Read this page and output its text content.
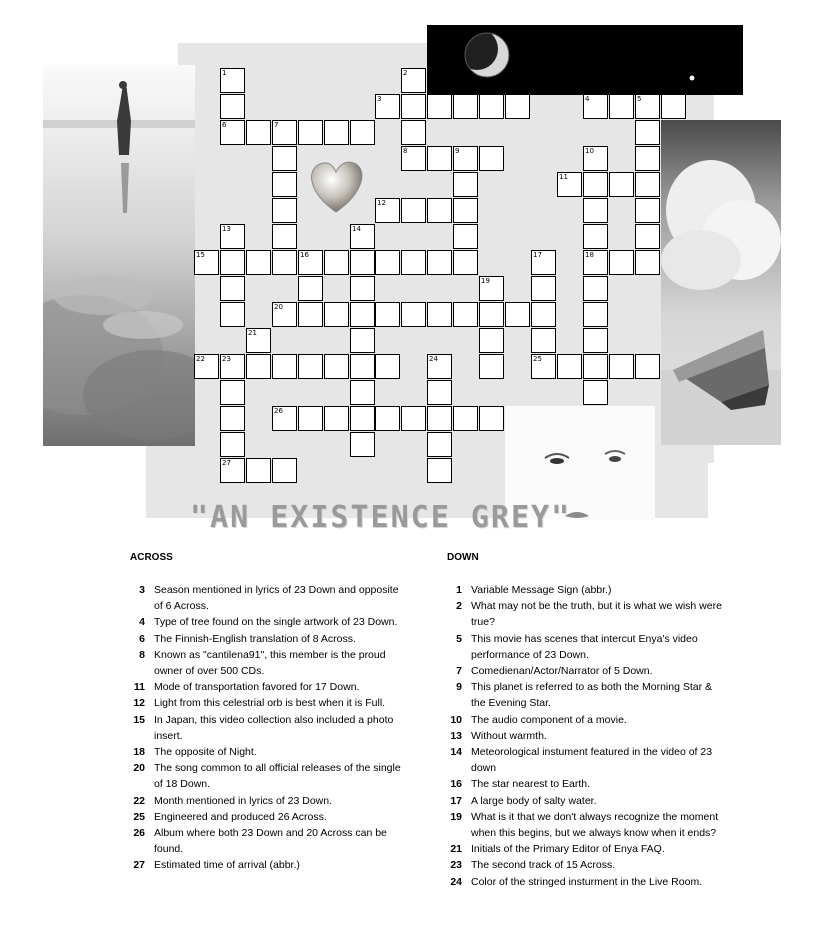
1	2
3	4	5
6	7
8	9	10
11
12
13	14
15	16	17	18
19
20
21
22 23	24	25
26
27
"AN EXISTENCE GREY"
ACROSS
3 Season mentioned in lyrics of 23 Down and opposite of 6 Across.
4 Type of tree found on the single artwork of 23 Down.
6 The Finnish-English translation of 8 Across.
8 Known as "cantilena91", this member is the proud owner of over 500 CDs.
11 Mode of transportation favored for 17 Down.
12 Light from this celestrial orb is best when it is Full.
15 In Japan, this video collection also included a photo insert.
18 The opposite of Night.
20 The song common to all official releases of the single of 18 Down.
22 Month mentioned in lyrics of 23 Down.
25 Engineered and produced 26 Across.
26 Album where both 23 Down and 20 Across can be found.
27 Estimated time of arrival (abbr.)
DOWN
1 Variable Message Sign (abbr.)
2 What may not be the truth, but it is what we wish were true?
5 This movie has scenes that intercut Enya's video performance of 23 Down.
7 Comedienan/Actor/Narrator of 5 Down.
9 This planet is referred to as both the Morning Star & the Evening Star.
10 The audio component of a movie.
13 Without warmth.
14 Meteorological instument featured in the video of 23 down
16 The star nearest to Earth.
17 A large body of salty water.
19 What is it that we don't always recognize the moment when this begins, but we always know when it ends?
21 Initials of the Primary Editor of Enya FAQ.
23 The second track of 15 Across.
24 Color of the stringed insturment in the Live Room.
